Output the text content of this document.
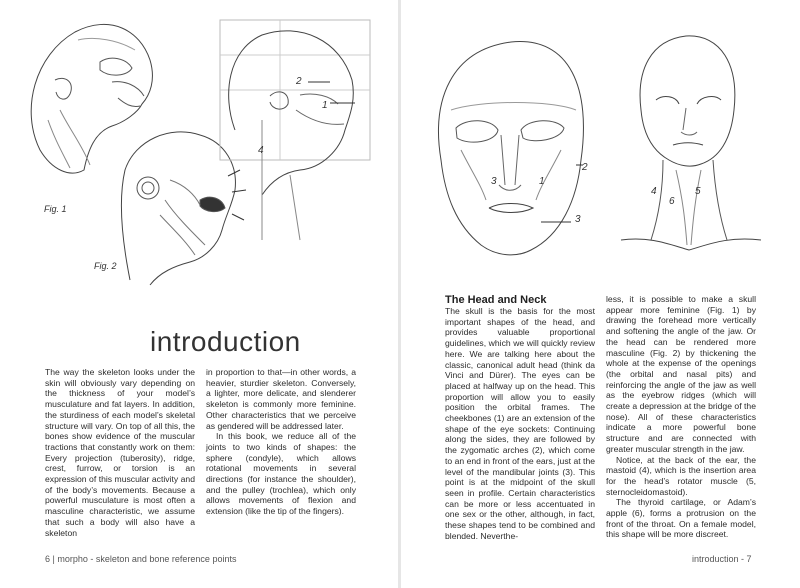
Fig. 1
Fig. 2
2
1
4
introduction

The way the skeleton looks under the skin will obviously vary depending on the thickness of your model’s musculature and fat layers. In addition, the sturdiness of each model’s skeletal structure will vary. On top of all this, the bones show evidence of the muscular tractions that constantly work on them: Every projection (tuberosity), ridge, crest, furrow, or torsion is an expression of this muscular activity and of the body’s movements. Because a powerful musculature is most often a masculine characteristic, we assume that such a body will also have a skeleton

in proportion to that—in other words, a heavier, sturdier skeleton. Conversely, a lighter, more delicate, and slenderer skeleton is commonly more feminine. Other characteristics that we perceive as gendered will be addressed later.

In this book, we reduce all of the joints to two kinds of shapes: the sphere (condyle), which allows rotational movements in several directions (for instance the shoulder), and the pulley (trochlea), which only allows movements of flexion and extension (like the tip of the fingers).

6 | morpho - skeleton and bone reference points
2
1
3
3
4	5
6
The Head and Neck

The skull is the basis for the most important shapes of the head, and provides valuable proportional guidelines, which we will quickly review here. We are talking here about the classic, canonical adult head (think da Vinci and Dürer). The eyes can be placed at halfway up on the head. This proportion will allow you to easily position the orbital frames. The cheekbones (1) are an extension of the shape of the eye sockets: Continuing along the sides, they are followed by the zygomatic arches (2), which come to an end in front of the ears, just at the level of the mandibular joints (3). This point is at the midpoint of the skull seen in profile. Certain characteristics can be more or less accentuated in one sex or the other, although, in fact, these shapes tend to be combined and blended. Neverthe-

less, it is possible to make a skull appear more feminine (Fig. 1) by drawing the forehead more vertically and softening the angle of the jaw. Or the head can be rendered more masculine (Fig. 2) by thickening the whole at the expense of the openings (the orbital and nasal pits) and reinforcing the angle of the jaw as well as the eyebrow ridges (which will create a depression at the bridge of the nose). All of these characteristics indicate a more powerful bone structure and are connected with greater muscular strength in the jaw.

Notice, at the back of the ear, the mastoid (4), which is the insertion area for the head’s rotator muscle (5, sternocleidomastoid).

The thyroid cartilage, or Adam’s apple (6), forms a protrusion on the front of the throat. On a female model, this shape will be more discreet.

introduction - 7
